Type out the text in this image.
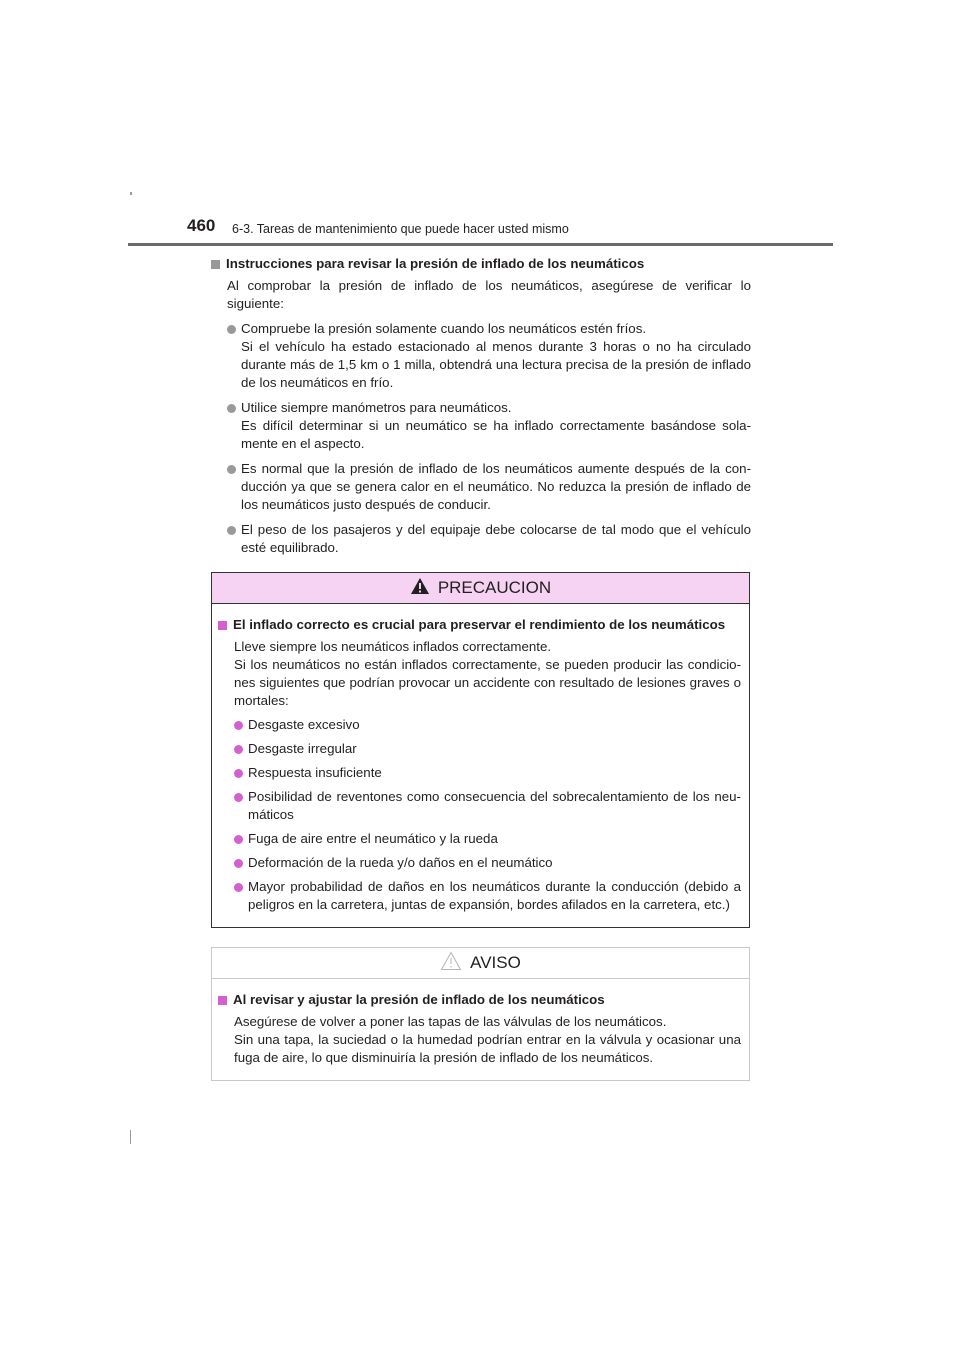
460 6-3. Tareas de mantenimiento que puede hacer usted mismo
Instrucciones para revisar la presión de inflado de los neumáticos
Al comprobar la presión de inflado de los neumáticos, asegúrese de verificar lo siguiente:
Compruebe la presión solamente cuando los neumáticos estén fríos.
Si el vehículo ha estado estacionado al menos durante 3 horas o no ha circulado durante más de 1,5 km o 1 milla, obtendrá una lectura precisa de la presión de inflado de los neumáticos en frío.
Utilice siempre manómetros para neumáticos.
Es difícil determinar si un neumático se ha inflado correctamente basándose sola-mente en el aspecto.
Es normal que la presión de inflado de los neumáticos aumente después de la con-ducción ya que se genera calor en el neumático. No reduzca la presión de inflado de los neumáticos justo después de conducir.
El peso de los pasajeros y del equipaje debe colocarse de tal modo que el vehículo esté equilibrado.
PRECAUCION
El inflado correcto es crucial para preservar el rendimiento de los neumáticos
Lleve siempre los neumáticos inflados correctamente.
Si los neumáticos no están inflados correctamente, se pueden producir las condicio-nes siguientes que podrían provocar un accidente con resultado de lesiones graves o mortales:
Desgaste excesivo
Desgaste irregular
Respuesta insuficiente
Posibilidad de reventones como consecuencia del sobrecalentamiento de los neu-máticos
Fuga de aire entre el neumático y la rueda
Deformación de la rueda y/o daños en el neumático
Mayor probabilidad de daños en los neumáticos durante la conducción (debido a peligros en la carretera, juntas de expansión, bordes afilados en la carretera, etc.)
AVISO
Al revisar y ajustar la presión de inflado de los neumáticos
Asegúrese de volver a poner las tapas de las válvulas de los neumáticos.
Sin una tapa, la suciedad o la humedad podrían entrar en la válvula y ocasionar una fuga de aire, lo que disminuiría la presión de inflado de los neumáticos.
